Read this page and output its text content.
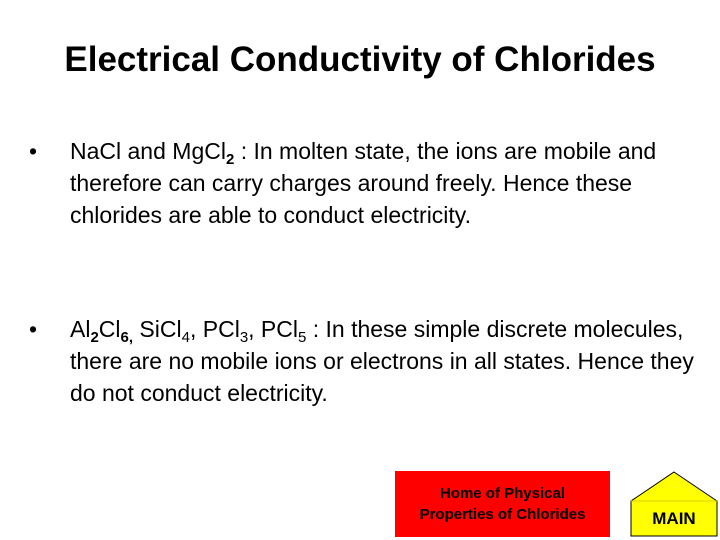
Electrical Conductivity of Chlorides
• NaCl and MgCl$_2$ : In molten state, the ions are mobile and therefore can carry charges around freely. Hence these chlorides are able to conduct electricity.
• $Al_2Cl_{6,}$ SiCl$_4$, PCl$_3$, PCl$_5$ : In these simple discrete molecules, there are no mobile ions or electrons in all states. Hence they do not conduct electricity.
Home of Physical
Properties of Chlorides	MAIN
